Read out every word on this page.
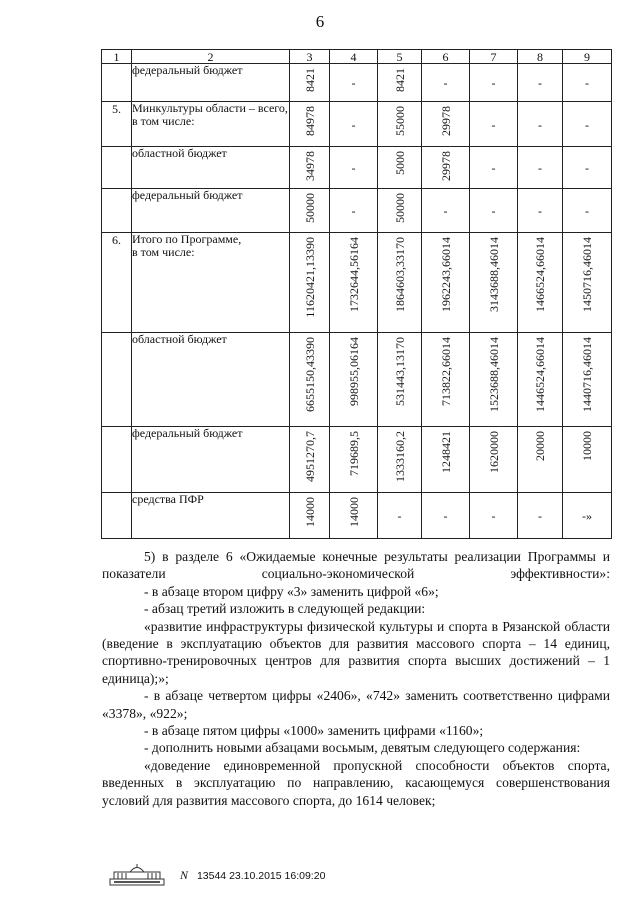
6
1	2	3	4	5	6	7	8	9
	федеральный бюджет	8421	-	8421	-	-	-	-

5.	Минкультуры области – всего,
в том числе:	84978	-	55000	29978	-	-	-

	областной бюджет	34978	-	5000	29978	-	-	-

	федеральный бюджет	50000	-	50000	-	-	-	-

6.	Итого по Программе,
в том числе:	11620421,13390	1732644,56164	1864603,33170	1962243,66014	3143688,46014	1466524,66014	1450716,46014

	областной бюджет	6655150,43390	998955,06164	531443,13170	713822,66014	1523688,46014	1446524,66014	1440716,46014

	федеральный бюджет	4951270,7	719689,5	1333160,2	1248421	1620000	20000	10000

	средства ПФР	14000	14000	-	-	-	-	-»

5) в разделе 6 «Ожидаемые конечные результаты реализации Программы и показатели социально-экономической эффективности»:

- в абзаце втором цифру «3» заменить цифрой «6»;

- абзац третий изложить в следующей редакции:

«развитие инфраструктуры физической культуры и спорта в Рязанской области (введение в эксплуатацию объектов для развития массового спорта – 14 единиц, спортивно-тренировочных центров для развития спорта высших достижений – 1 единица);»;

- в абзаце четвертом цифры «2406», «742» заменить соответственно цифрами «3378», «922»;

- в абзаце пятом цифры «1000» заменить цифрами «1160»;

- дополнить новыми абзацами восьмым, девятым следующего содержания:

«доведение единовременной пропускной способности объектов спорта, введенных в эксплуатацию по направлению, касающемуся совершенствования условий для развития массового спорта, до 1614 человек;

N 13544 23.10.2015 16:09:20
